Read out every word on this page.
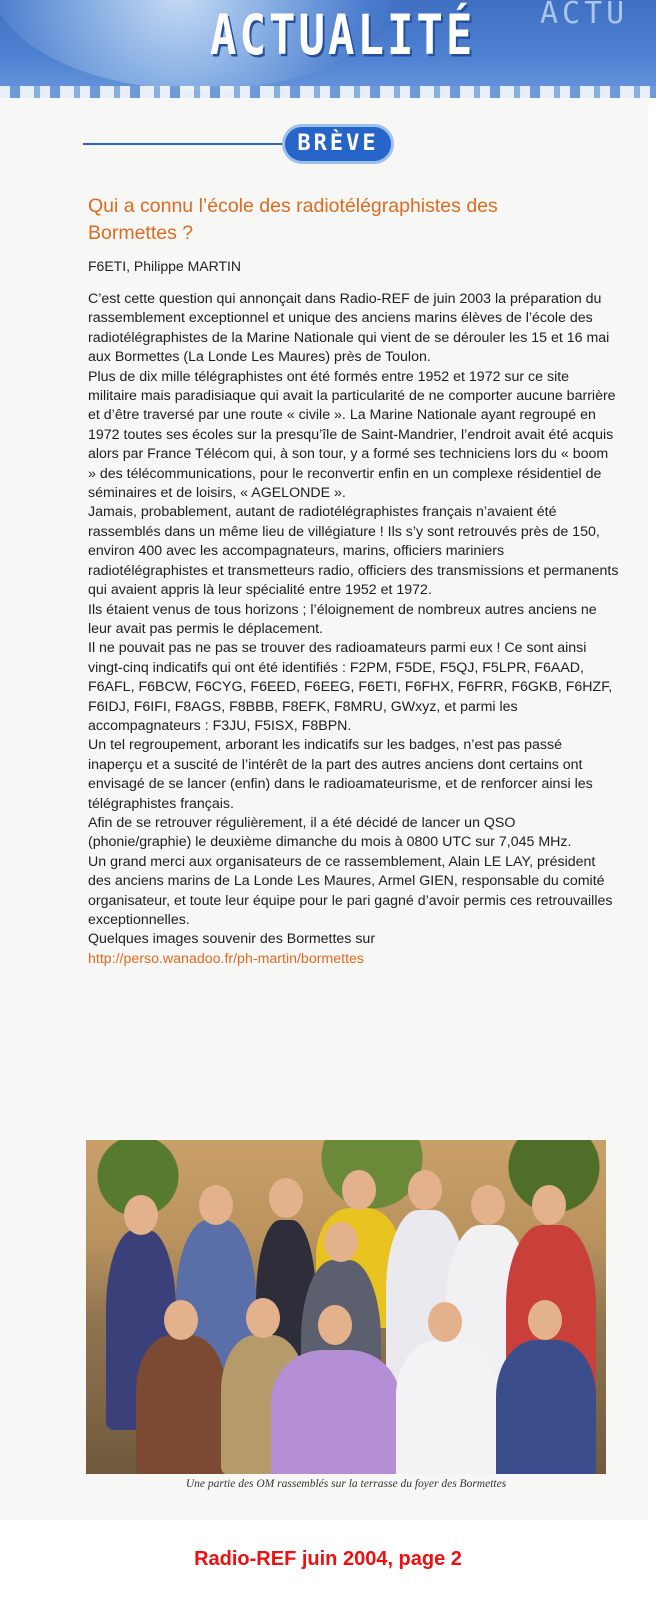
ACTUALITÉ ACTU
BRÈVE
Qui a connu l’école des radiotélégraphistes des Bormettes ?
F6ETI, Philippe MARTIN

C’est cette question qui annonçait dans Radio-REF de juin 2003 la préparation du rassemblement exceptionnel et unique des anciens marins élèves de l’école des radiotélégraphistes de la Marine Nationale qui vient de se dérouler les 15 et 16 mai aux Bormettes (La Londe Les Maures) près de Toulon.

Plus de dix mille télégraphistes ont été formés entre 1952 et 1972 sur ce site militaire mais paradisiaque qui avait la particularité de ne comporter aucune barrière et d’être traversé par une route « civile ». La Marine Nationale ayant regroupé en 1972 toutes ses écoles sur la presqu’île de Saint-Mandrier, l’endroit avait été acquis alors par France Télécom qui, à son tour, y a formé ses techniciens lors du « boom » des télécommunications, pour le reconvertir enfin en un complexe résidentiel de séminaires et de loisirs, « AGELONDE ».

Jamais, probablement, autant de radiotélégraphistes français n’avaient été rassemblés dans un même lieu de villégiature ! Ils s’y sont retrouvés près de 150, environ 400 avec les accompagnateurs, marins, officiers mariniers radiotélégraphistes et transmetteurs radio, officiers des transmissions et permanents qui avaient appris là leur spécialité entre 1952 et 1972.

Ils étaient venus de tous horizons ; l’éloignement de nombreux autres anciens ne leur avait pas permis le déplacement.

Il ne pouvait pas ne pas se trouver des radioamateurs parmi eux ! Ce sont ainsi vingt-cinq indicatifs qui ont été identifiés : F2PM, F5DE, F5QJ, F5LPR, F6AAD, F6AFL, F6BCW, F6CYG, F6EED, F6EEG, F6ETI, F6FHX, F6FRR, F6GKB, F6HZF, F6IDJ, F6IFI, F8AGS, F8BBB, F8EFK, F8MRU, GWxyz, et parmi les accompagnateurs : F3JU, F5ISX, F8BPN.

Un tel regroupement, arborant les indicatifs sur les badges, n’est pas passé inaperçu et a suscité de l’intérêt de la part des autres anciens dont certains ont envisagé de se lancer (enfin) dans le radioamateurisme, et de renforcer ainsi les télégraphistes français.

Afin de se retrouver régulièrement, il a été décidé de lancer un QSO (phonie/graphie) le deuxième dimanche du mois à 0800 UTC sur 7,045 MHz.

Un grand merci aux organisateurs de ce rassemblement, Alain LE LAY, président des anciens marins de La Londe Les Maures, Armel GIEN, responsable du comité organisateur, et toute leur équipe pour le pari gagné d’avoir permis ces retrouvailles exceptionnelles.

Quelques images souvenir des Bormettes sur

http://perso.wanadoo.fr/ph-martin/bormettes

Une partie des OM rassemblés sur la terrasse du foyer des Bormettes
Radio-REF juin 2004, page 2
